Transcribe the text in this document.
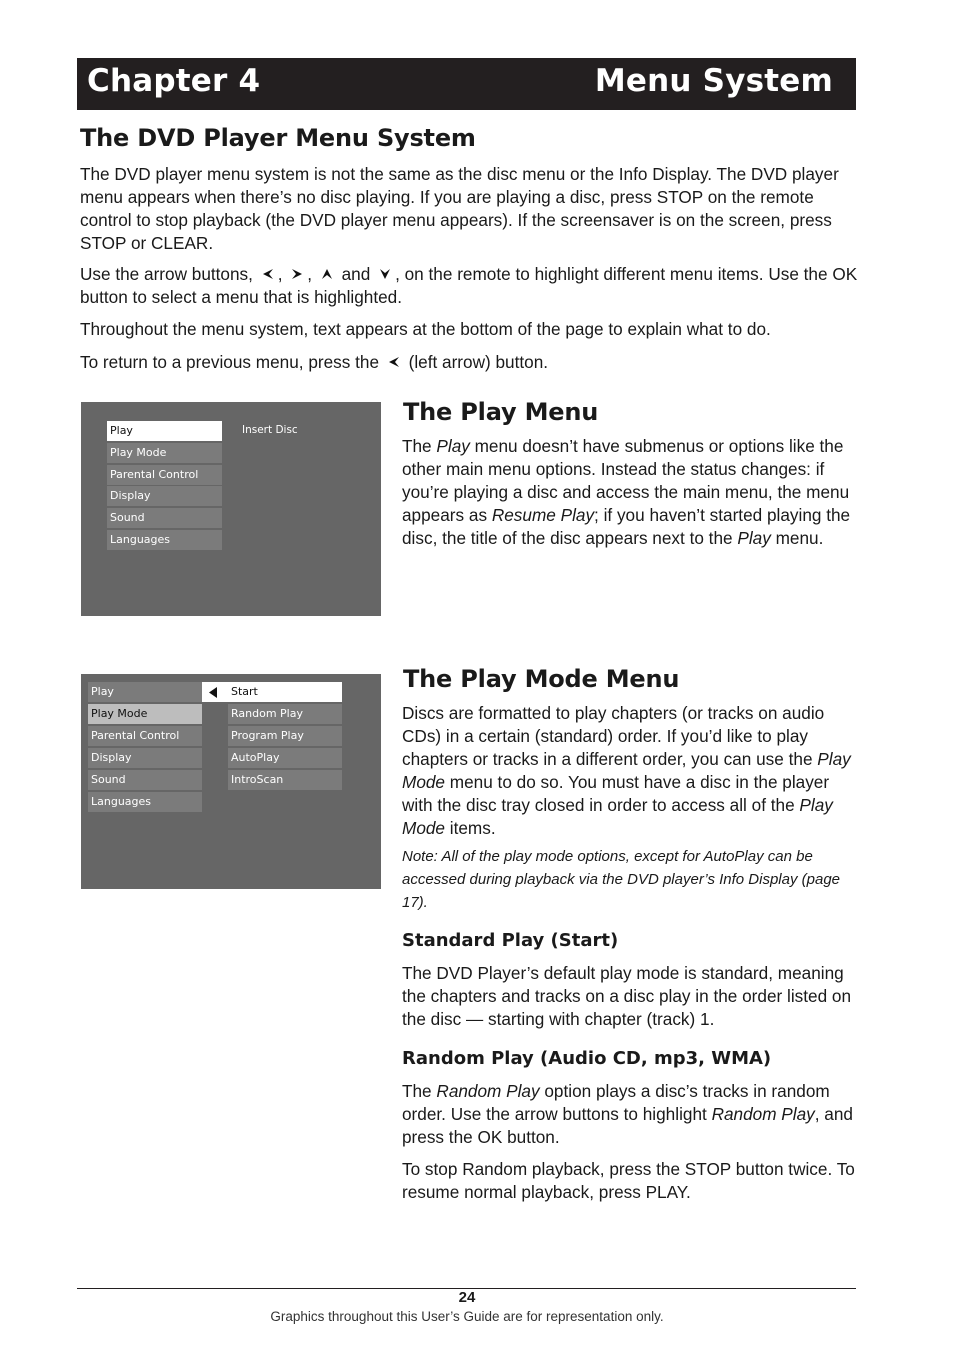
Chapter 4	Menu System
The DVD Player Menu System

The DVD player menu system is not the same as the disc menu or the Info Display. The DVD player menu appears when there’s no disc playing. If you are playing a disc, press STOP on the remote control to stop playback (the DVD player menu appears). If the screensaver is on the screen, press STOP or CLEAR.

Use the arrow buttons, , , and , on the remote to highlight different menu items. Use the OK button to select a menu that is highlighted.

Throughout the menu system, text appears at the bottom of the page to explain what to do.

To return to a previous menu, press the (left arrow) button.

Play
Play Mode
Parental Control
Display
Sound
Languages
Insert Disc
The Play Menu

The Play menu doesn’t have submenus or options like the other main menu options. Instead the status changes: if you’re playing a disc and access the main menu, the menu appears as Resume Play; if you haven’t started playing the disc, the title of the disc appears next to the Play menu.

Play
Play Mode
Parental Control
Display
Sound
Languages
Start
Random Play
Program Play
AutoPlay
IntroScan
The Play Mode Menu

Discs are formatted to play chapters (or tracks on audio CDs) in a certain (standard) order. If you’d like to play chapters or tracks in a different order, you can use the Play Mode menu to do so. You must have a disc in the player with the disc tray closed in order to access all of the Play Mode items.

Note: All of the play mode options, except for AutoPlay can be accessed during playback via the DVD player’s Info Display (page 17).

Standard Play (Start)

The DVD Player’s default play mode is standard, meaning the chapters and tracks on a disc play in the order listed on the disc — starting with chapter (track) 1.

Random Play (Audio CD, mp3, WMA)

The Random Play option plays a disc’s tracks in random order. Use the arrow buttons to highlight Random Play, and press the OK button.

To stop Random playback, press the STOP button twice. To resume normal playback, press PLAY.

24
Graphics throughout this User’s Guide are for representation only.
